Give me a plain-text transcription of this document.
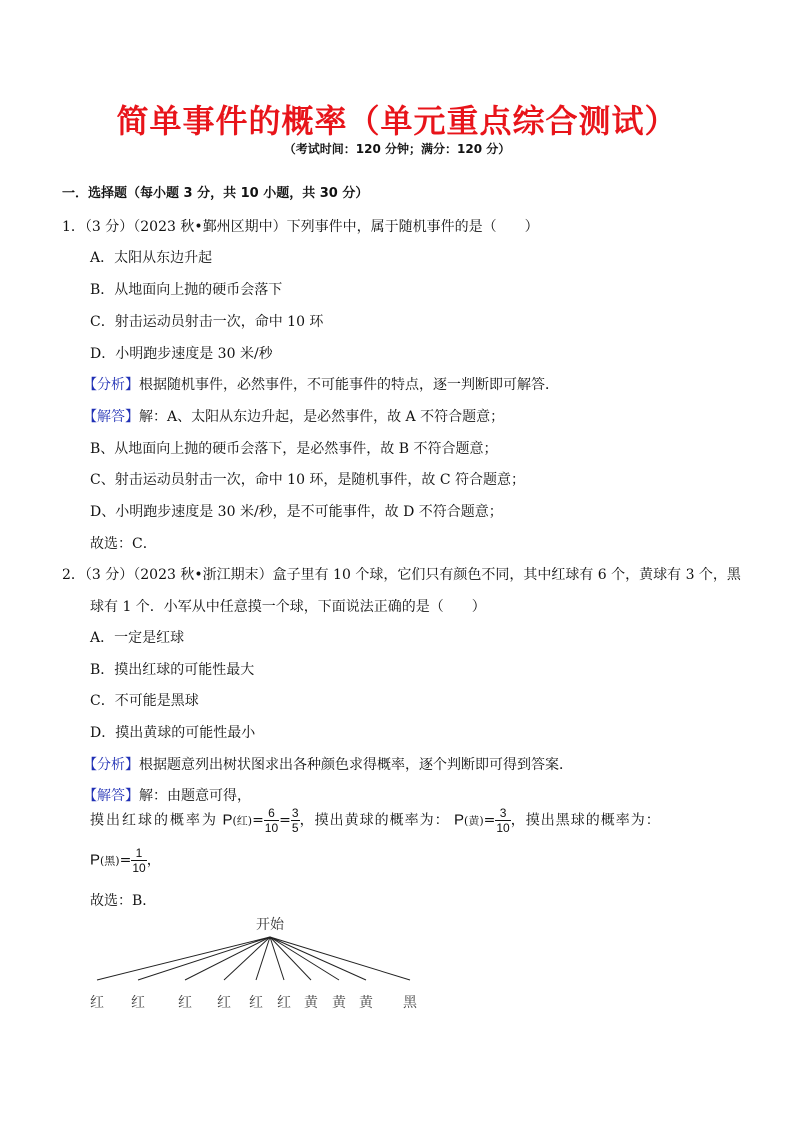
简单事件的概率（单元重点综合测试）
（考试时间：120 分钟；满分：120 分）
一．选择题（每小题 3 分，共 10 小题，共 30 分）
1．（3 分）（2023 秋•鄞州区期中）下列事件中，属于随机事件的是（　　）
A．太阳从东边升起
B．从地面向上抛的硬币会落下
C．射击运动员射击一次，命中 10 环
D．小明跑步速度是 30 米/秒
【分析】根据随机事件，必然事件，不可能事件的特点，逐一判断即可解答．
【解答】解：A、太阳从东边升起，是必然事件，故 A 不符合题意；
B、从地面向上抛的硬币会落下，是必然事件，故 B 不符合题意；
C、射击运动员射击一次，命中 10 环，是随机事件，故 C 符合题意；
D、小明跑步速度是 30 米/秒，是不可能事件，故 D 不符合题意；
故选：C．
2．（3 分）（2023 秋•浙江期末）盒子里有 10 个球，它们只有颜色不同，其中红球有 6 个，黄球有 3 个，黑
球有 1 个．小军从中任意摸一个球，下面说法正确的是（　　）
A．一定是红球
B．摸出红球的可能性最大
C．不可能是黑球
D．摸出黄球的可能性最小
【分析】根据题意列出树状图求出各种颜色求得概率，逐个判断即可得到答案．
【解答】解：由题意可得，
摸出红球的概率为 P(红)= $\frac{6}{10} = \frac{3}{5}$ ，摸出黄球的概率为： P(黄)= $\frac{3}{10}$ ，摸出黑球的概率为：
P(黑)= $\frac{1}{10}$ ，
故选：B．
开始
红 红 红 红 红 红 黄 黄 黄 黑
